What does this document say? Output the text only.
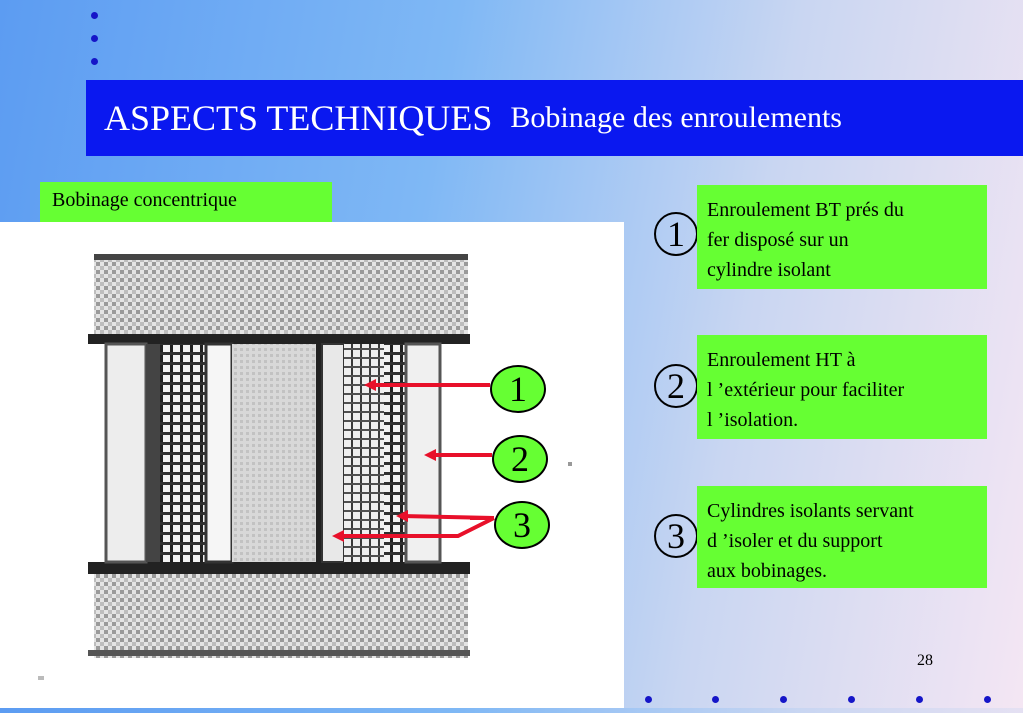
ASPECTS TECHNIQUES Bobinage des enroulements
Bobinage concentrique
1
2
3
1
Enroulement BT prés du
fer disposé sur un
cylindre isolant
2
Enroulement HT à
l ’extérieur pour faciliter
l ’isolation.
3
Cylindres isolants servant
d ’isoler et du support
aux bobinages.
28
